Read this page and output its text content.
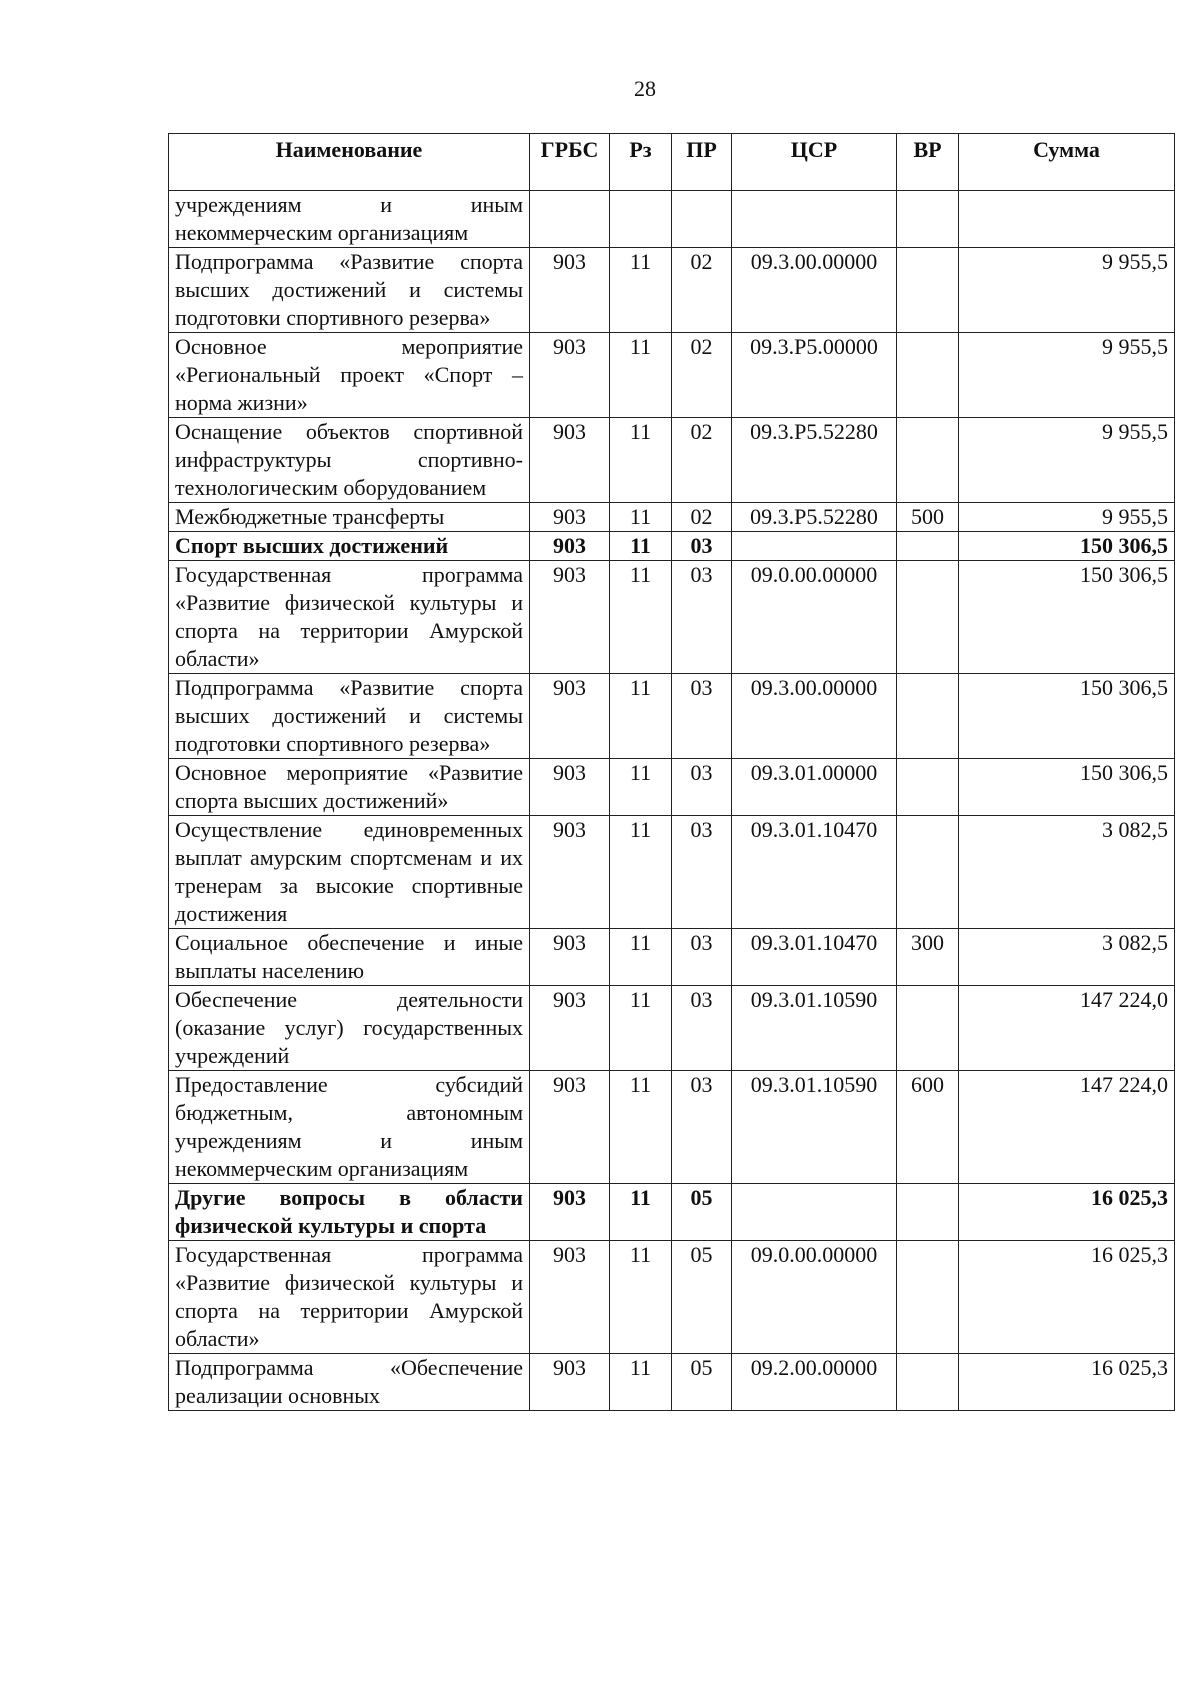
28
Наименование	ГРБС	Рз	ПР	ЦСР	ВР	Сумма
учреждениям и иным некоммерческим организациям						
Подпрограмма «Развитие спорта высших достижений и системы подготовки спортивного резерва»	903	11	02	09.3.00.00000		9 955,5
Основное мероприятие «Региональный проект «Спорт – норма жизни»	903	11	02	09.3.Р5.00000		9 955,5
Оснащение объектов спортивной инфраструктуры спортивно-технологическим оборудованием	903	11	02	09.3.Р5.52280		9 955,5
Межбюджетные трансферты	903	11	02	09.3.Р5.52280	500	9 955,5
Спорт высших достижений	903	11	03			150 306,5
Государственная программа «Развитие физической культуры и спорта на территории Амурской области»	903	11	03	09.0.00.00000		150 306,5
Подпрограмма «Развитие спорта высших достижений и системы подготовки спортивного резерва»	903	11	03	09.3.00.00000		150 306,5
Основное мероприятие «Развитие спорта высших достижений»	903	11	03	09.3.01.00000		150 306,5
Осуществление единовременных выплат амурским спортсменам и их тренерам за высокие спортивные достижения	903	11	03	09.3.01.10470		3 082,5
Социальное обеспечение и иные выплаты населению	903	11	03	09.3.01.10470	300	3 082,5
Обеспечение деятельности (оказание услуг) государственных учреждений	903	11	03	09.3.01.10590		147 224,0
Предоставление субсидий бюджетным, автономным учреждениям и иным некоммерческим организациям	903	11	03	09.3.01.10590	600	147 224,0
Другие вопросы в области физической культуры и спорта	903	11	05			16 025,3
Государственная программа «Развитие физической культуры и спорта на территории Амурской области»	903	11	05	09.0.00.00000		16 025,3
Подпрограмма «Обеспечение реализации основных	903	11	05	09.2.00.00000		16 025,3
